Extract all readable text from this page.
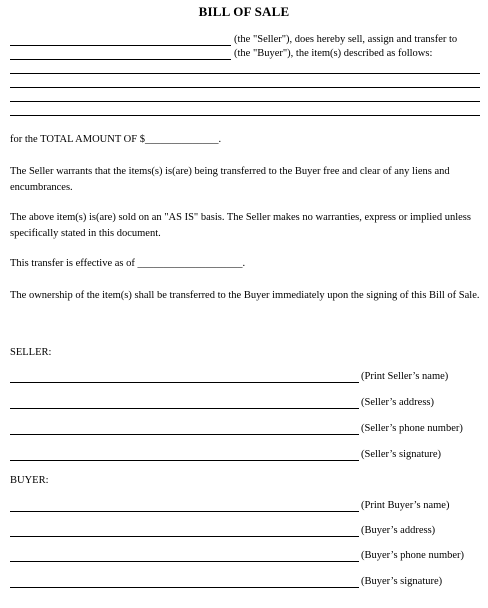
BILL OF SALE
(the "Seller"), does hereby sell, assign and transfer to
(the "Buyer"), the item(s) described as follows:
for the TOTAL AMOUNT OF $______________.
The Seller warrants that the items(s) is(are) being transferred to the Buyer free and clear of any liens and encumbrances.
The above item(s) is(are) sold on an "AS IS" basis. The Seller makes no warranties, express or implied unless specifically stated in this document.
This transfer is effective as of ____________________.
The ownership of the item(s) shall be transferred to the Buyer immediately upon the signing of this Bill of Sale.
SELLER:
(Print Seller’s name)
(Seller’s address)
(Seller’s phone number)
(Seller’s signature)
BUYER:
(Print Buyer’s name)
(Buyer’s address)
(Buyer’s phone number)
(Buyer’s signature)
